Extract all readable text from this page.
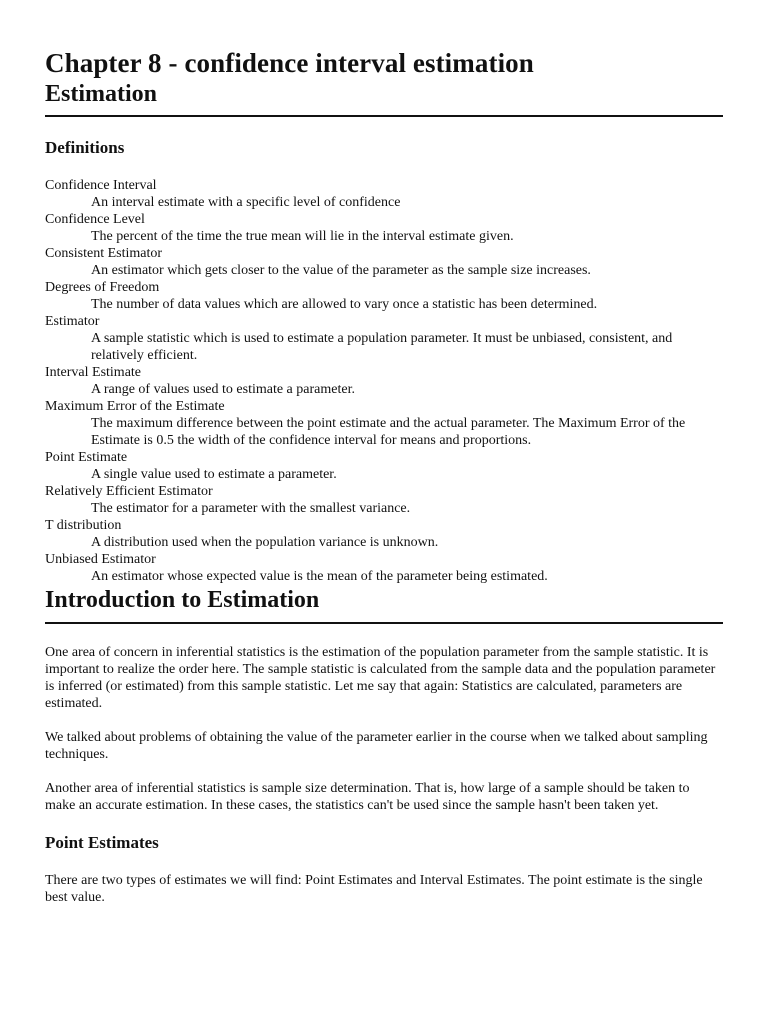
Chapter 8 - confidence interval estimation
Estimation
Definitions
Confidence Interval
An interval estimate with a specific level of confidence
Confidence Level
The percent of the time the true mean will lie in the interval estimate given.
Consistent Estimator
An estimator which gets closer to the value of the parameter as the sample size increases.
Degrees of Freedom
The number of data values which are allowed to vary once a statistic has been determined.
Estimator
A sample statistic which is used to estimate a population parameter. It must be unbiased, consistent, and relatively efficient.
Interval Estimate
A range of values used to estimate a parameter.
Maximum Error of the Estimate
The maximum difference between the point estimate and the actual parameter. The Maximum Error of the Estimate is 0.5 the width of the confidence interval for means and proportions.
Point Estimate
A single value used to estimate a parameter.
Relatively Efficient Estimator
The estimator for a parameter with the smallest variance.
T distribution
A distribution used when the population variance is unknown.
Unbiased Estimator
An estimator whose expected value is the mean of the parameter being estimated.
Introduction to Estimation

One area of concern in inferential statistics is the estimation of the population parameter from the sample statistic. It is important to realize the order here. The sample statistic is calculated from the sample data and the population parameter is inferred (or estimated) from this sample statistic. Let me say that again: Statistics are calculated, parameters are estimated.

We talked about problems of obtaining the value of the parameter earlier in the course when we talked about sampling techniques.

Another area of inferential statistics is sample size determination. That is, how large of a sample should be taken to make an accurate estimation. In these cases, the statistics can't be used since the sample hasn't been taken yet.

Point Estimates

There are two types of estimates we will find: Point Estimates and Interval Estimates. The point estimate is the single best value.
